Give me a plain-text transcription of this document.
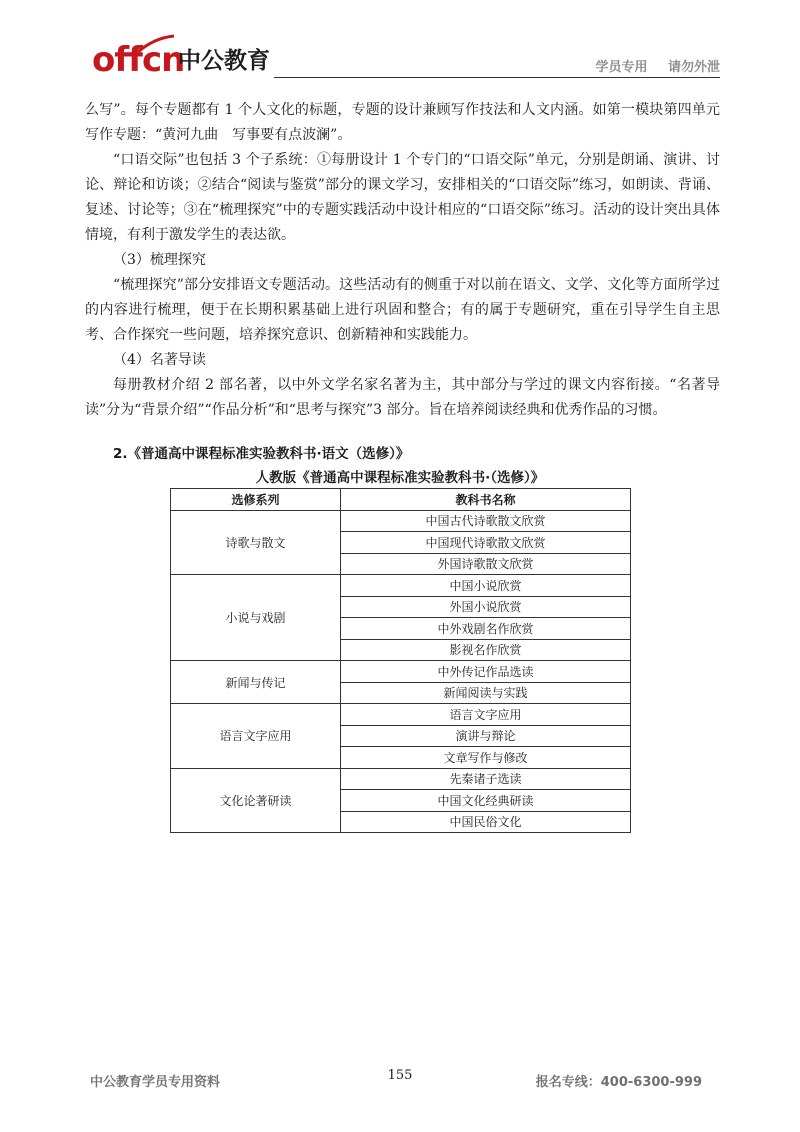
offcn
中公教育	学员专用 请勿外泄

么写”。每个专题都有 1 个人文化的标题，专题的设计兼顾写作技法和人文内涵。如第一模块第四单元写作专题：“黄河九曲　写事要有点波澜”。

“口语交际”也包括 3 个子系统：①每册设计 1 个专门的“口语交际”单元，分别是朗诵、演讲、讨论、辩论和访谈；②结合“阅读与鉴赏”部分的课文学习，安排相关的“口语交际”练习，如朗读、背诵、复述、讨论等；③在“梳理探究”中的专题实践活动中设计相应的“口语交际”练习。活动的设计突出具体情境，有利于激发学生的表达欲。

（3）梳理探究

“梳理探究”部分安排语文专题活动。这些活动有的侧重于对以前在语文、文学、文化等方面所学过的内容进行梳理，便于在长期积累基础上进行巩固和整合；有的属于专题研究，重在引导学生自主思考、合作探究一些问题，培养探究意识、创新精神和实践能力。

（4）名著导读

每册教材介绍 2 部名著，以中外文学名家名著为主，其中部分与学过的课文内容衔接。“名著导读”分为“背景介绍”“作品分析”和“思考与探究”3 部分。旨在培养阅读经典和优秀作品的习惯。

2.《普通高中课程标准实验教科书·语文（选修）》
人教版《普通高中课程标准实验教科书·（选修）》
选修系列	教科书名称
诗歌与散文	中国古代诗歌散文欣赏
	中国现代诗歌散文欣赏
	外国诗歌散文欣赏
小说与戏剧	中国小说欣赏
	外国小说欣赏
	中外戏剧名作欣赏
	影视名作欣赏
新闻与传记	中外传记作品选读
	新闻阅读与实践
语言文字应用	语言文字应用
	演讲与辩论
	文章写作与修改
文化论著研读	先秦诸子选读
	中国文化经典研读
	中国民俗文化
中公教育学员专用资料	155	报名专线：400-6300-999
